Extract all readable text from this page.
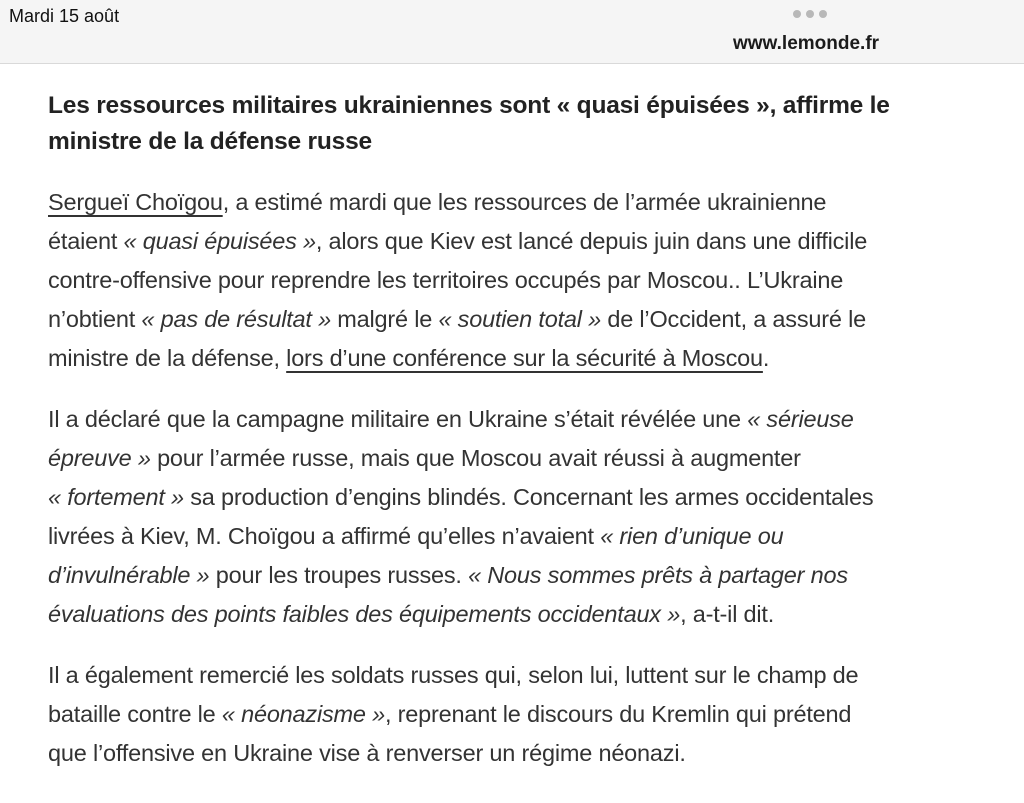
Mardi 15 août
www.lemonde.fr
Les ressources militaires ukrainiennes sont « quasi épuisées », affirme le
ministre de la défense russe

Sergueï Choïgou, a estimé mardi que les ressources de l’armée ukrainienne
étaient « quasi épuisées », alors que Kiev est lancé depuis juin dans une difficile
contre-offensive pour reprendre les territoires occupés par Moscou.. L’Ukraine
n’obtient « pas de résultat » malgré le « soutien total » de l’Occident, a assuré le
ministre de la défense, lors d’une conférence sur la sécurité à Moscou.

Il a déclaré que la campagne militaire en Ukraine s’était révélée une « sérieuse
épreuve » pour l’armée russe, mais que Moscou avait réussi à augmenter
« fortement » sa production d’engins blindés. Concernant les armes occidentales
livrées à Kiev, M. Choïgou a affirmé qu’elles n’avaient « rien d’unique ou
d’invulnérable » pour les troupes russes. « Nous sommes prêts à partager nos
évaluations des points faibles des équipements occidentaux », a-t-il dit.

Il a également remercié les soldats russes qui, selon lui, luttent sur le champ de
bataille contre le « néonazisme », reprenant le discours du Kremlin qui prétend
que l’offensive en Ukraine vise à renverser un régime néonazi.
